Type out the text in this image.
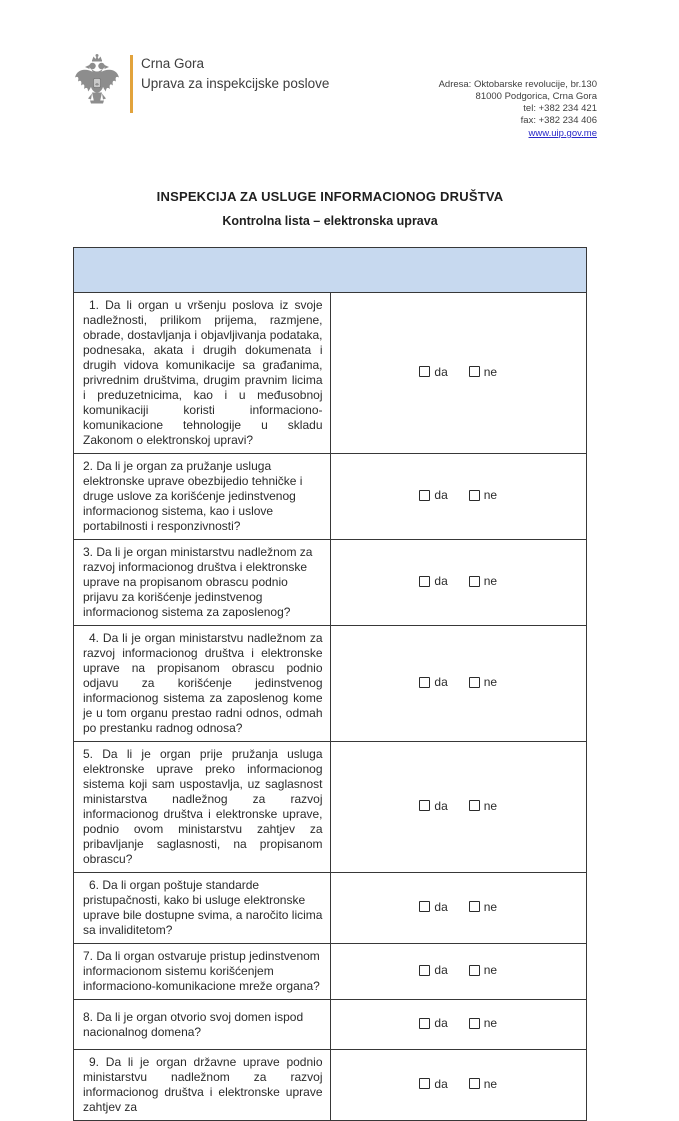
Crna Gora
Uprava za inspekcijske poslove	Adresa: Oktobarske revolucije, br.130
81000 Podgorica, Crna Gora
tel: +382 234 421
fax: +382 234 406
www.uip.gov.me
INSPEKCIJA ZA USLUGE INFORMACIONOG DRUŠTVA
Kontrolna lista – elektronska uprava

1. Da li organ u vršenju poslova iz svoje nadležnosti, prilikom prijema, razmjene, obrade, dostavljanja i objavljivanja podataka, podnesaka, akata i drugih dokumenata i drugih vidova komunikacije sa građanima, privrednim društvima, drugim pravnim licima i preduzetnicima, kao i u međusobnoj komunikaciji koristi informaciono-komunikacione tehnologije u skladu Zakonom o elektronskoj upravi?	da ne

2. Da li je organ za pružanje usluga elektronske uprave obezbijedio tehničke i druge uslove za korišćenje jedinstvenog informacionog sistema, kao i uslove portabilnosti i responzivnosti?	da ne

3. Da li je organ ministarstvu nadležnom za razvoj informacionog društva i elektronske uprave na propisanom obrascu podnio prijavu za korišćenje jedinstvenog informacionog sistema za zaposlenog?	da ne

4. Da li je organ ministarstvu nadležnom za razvoj informacionog društva i elektronske uprave na propisanom obrascu podnio odjavu za korišćenje jedinstvenog informacionog sistema za zaposlenog kome je u tom organu prestao radni odnos, odmah po prestanku radnog odnosa?	da ne

5. Da li je organ prije pružanja usluga elektronske uprave preko informacionog sistema koji sam uspostavlja, uz saglasnost ministarstva nadležnog za razvoj informacionog društva i elektronske uprave, podnio ovom ministarstvu zahtjev za pribavljanje saglasnosti, na propisanom obrascu?	da ne

6. Da li organ poštuje standarde pristupačnosti, kako bi usluge elektronske uprave bile dostupne svima, a naročito licima sa invaliditetom?	da ne

7. Da li organ ostvaruje pristup jedinstvenom informacionom sistemu korišćenjem informaciono-komunikacione mreže organa?	da ne

8. Da li je organ otvorio svoj domen ispod nacionalnog domena?	da ne

9. Da li je organ državne uprave podnio ministarstvu nadležnom za razvoj informacionog društva i elektronske uprave zahtjev za	da ne
